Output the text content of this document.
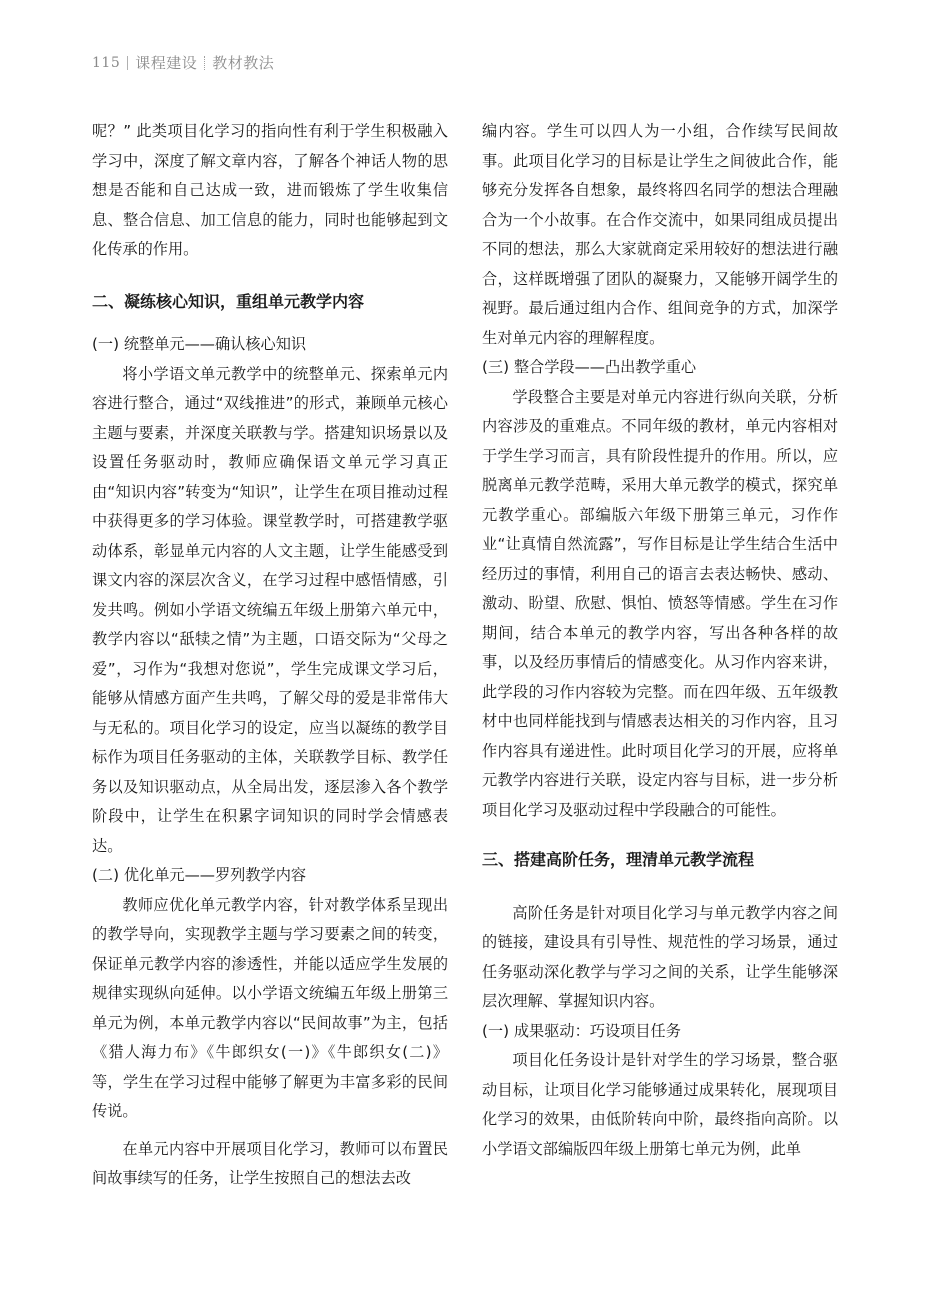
115 课程建设 教材教法

呢？” 此类项目化学习的指向性有利于学生积极融入学习中，深度了解文章内容，了解各个神话人物的思想是否能和自己达成一致，进而锻炼了学生收集信息、整合信息、加工信息的能力，同时也能够起到文化传承的作用。

二、凝练核心知识，重组单元教学内容
(一) 统整单元——确认核心知识

将小学语文单元教学中的统整单元、探索单元内容进行整合，通过“双线推进”的形式，兼顾单元核心主题与要素，并深度关联教与学。搭建知识场景以及设置任务驱动时，教师应确保语文单元学习真正由“知识内容”转变为“知识”，让学生在项目推动过程中获得更多的学习体验。课堂教学时，可搭建教学驱动体系，彰显单元内容的人文主题，让学生能感受到课文内容的深层次含义，在学习过程中感悟情感，引发共鸣。例如小学语文统编五年级上册第六单元中，教学内容以“舐犊之情”为主题，口语交际为“父母之爱”，习作为“我想对您说”，学生完成课文学习后，能够从情感方面产生共鸣，了解父母的爱是非常伟大与无私的。项目化学习的设定，应当以凝练的教学目标作为项目任务驱动的主体，关联教学目标、教学任务以及知识驱动点，从全局出发，逐层渗入各个教学阶段中，让学生在积累字词知识的同时学会情感表达。

(二) 优化单元——罗列教学内容

教师应优化单元教学内容，针对教学体系呈现出的教学导向，实现教学主题与学习要素之间的转变，保证单元教学内容的渗透性，并能以适应学生发展的规律实现纵向延伸。以小学语文统编五年级上册第三单元为例，本单元教学内容以“民间故事”为主，包括《猎人海力布》《牛郎织女(一)》《牛郎织女(二)》等，学生在学习过程中能够了解更为丰富多彩的民间传说。

在单元内容中开展项目化学习，教师可以布置民间故事续写的任务，让学生按照自己的想法去改

编内容。学生可以四人为一小组，合作续写民间故事。此项目化学习的目标是让学生之间彼此合作，能够充分发挥各自想象，最终将四名同学的想法合理融合为一个小故事。在合作交流中，如果同组成员提出不同的想法，那么大家就商定采用较好的想法进行融合，这样既增强了团队的凝聚力，又能够开阔学生的视野。最后通过组内合作、组间竞争的方式，加深学生对单元内容的理解程度。

(三) 整合学段——凸出教学重心

学段整合主要是对单元内容进行纵向关联，分析内容涉及的重难点。不同年级的教材，单元内容相对于学生学习而言，具有阶段性提升的作用。所以，应脱离单元教学范畴，采用大单元教学的模式，探究单元教学重心。部编版六年级下册第三单元，习作作业“让真情自然流露”，写作目标是让学生结合生活中经历过的事情，利用自己的语言去表达畅快、感动、激动、盼望、欣慰、惧怕、愤怒等情感。学生在习作期间，结合本单元的教学内容，写出各种各样的故事，以及经历事情后的情感变化。从习作内容来讲，此学段的习作内容较为完整。而在四年级、五年级教材中也同样能找到与情感表达相关的习作内容，且习作内容具有递进性。此时项目化学习的开展，应将单元教学内容进行关联，设定内容与目标，进一步分析项目化学习及驱动过程中学段融合的可能性。

三、搭建高阶任务，理清单元教学流程

高阶任务是针对项目化学习与单元教学内容之间的链接，建设具有引导性、规范性的学习场景，通过任务驱动深化教学与学习之间的关系，让学生能够深层次理解、掌握知识内容。

(一) 成果驱动：巧设项目任务

项目化任务设计是针对学生的学习场景，整合驱动目标，让项目化学习能够通过成果转化，展现项目化学习的效果，由低阶转向中阶，最终指向高阶。以小学语文部编版四年级上册第七单元为例，此单
